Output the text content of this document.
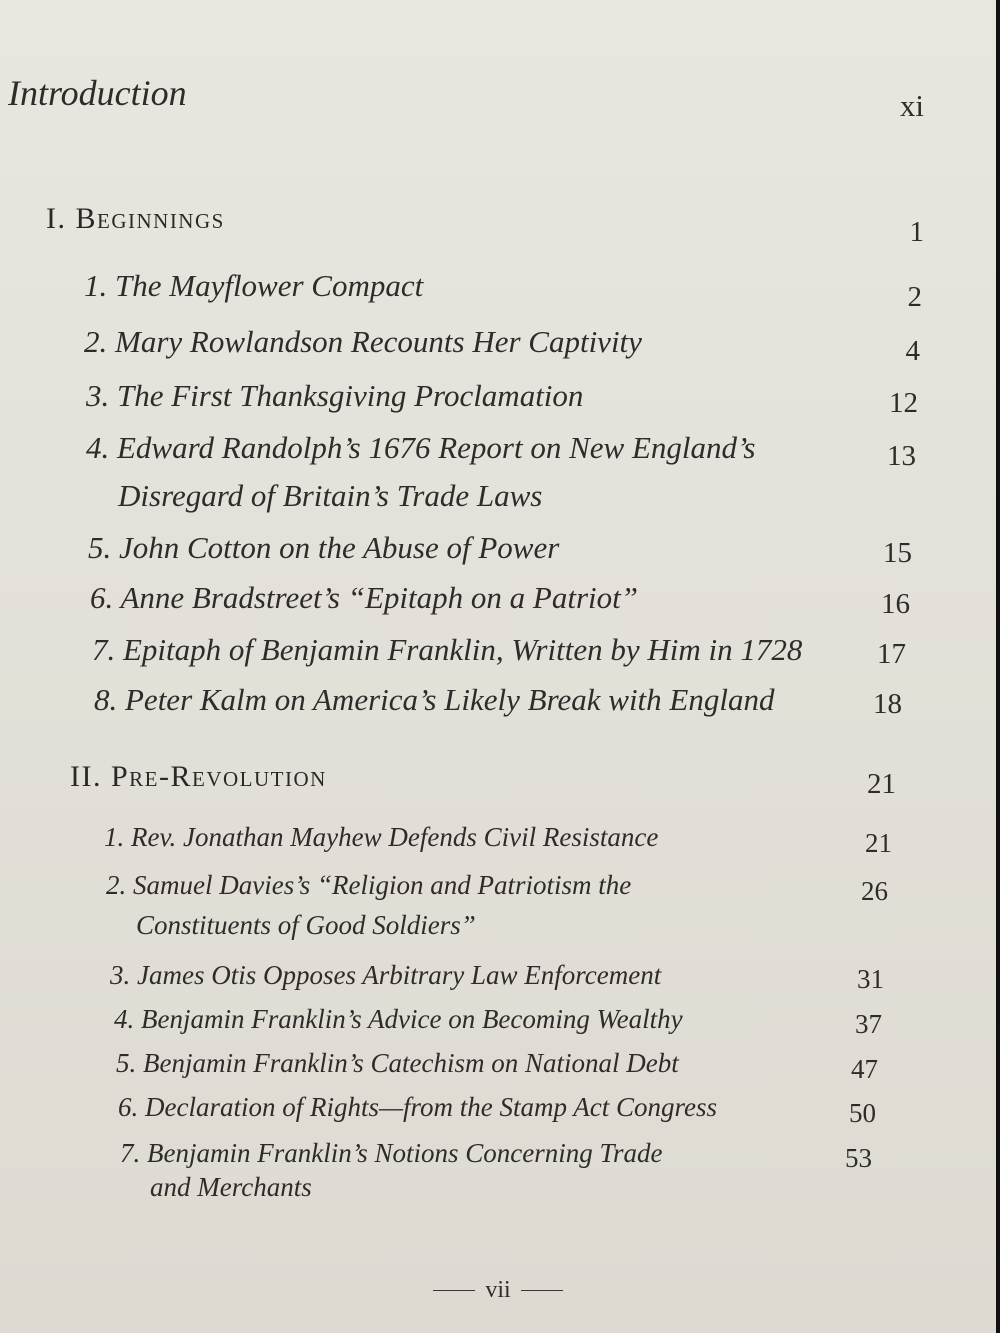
Introduction	xi
I. Beginnings	1
1. The Mayflower Compact	2
2. Mary Rowlandson Recounts Her Captivity	4
3. The First Thanksgiving Proclamation	12
4. Edward Randolph’s 1676 Report on New England’s
Disregard of Britain’s Trade Laws
13
5. John Cotton on the Abuse of Power	15
6. Anne Bradstreet’s “Epitaph on a Patriot”	16
7. Epitaph of Benjamin Franklin, Written by Him in 1728	17
8. Peter Kalm on America’s Likely Break with England	18
II. Pre-Revolution	21
1. Rev. Jonathan Mayhew Defends Civil Resistance	21
2. Samuel Davies’s “Religion and Patriotism the
Constituents of Good Soldiers”
26
3. James Otis Opposes Arbitrary Law Enforcement	31
4. Benjamin Franklin’s Advice on Becoming Wealthy	37
5. Benjamin Franklin’s Catechism on National Debt	47
6. Declaration of Rights—from the Stamp Act Congress	50
7. Benjamin Franklin’s Notions Concerning Trade
and Merchants
53
vii
